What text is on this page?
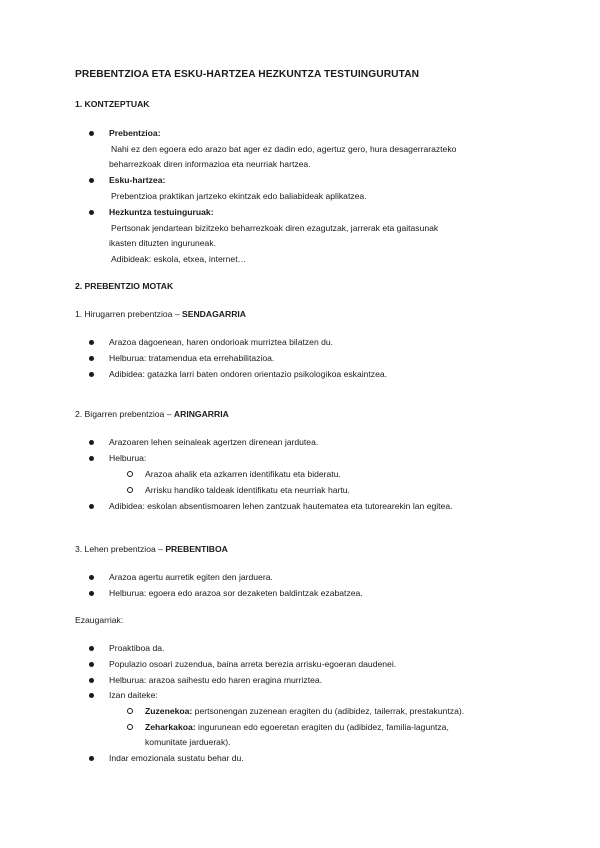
PREBENTZIOA ETA ESKU-HARTZEA HEZKUNTZA TESTUINGURUTAN
1. KONTZEPTUAK
Prebentzioa:
Nahi ez den egoera edo arazo bat ager ez dadin edo, agertuz gero, hura desagerrarazteko
beharrezkoak diren informazioa eta neurriak hartzea.
Esku-hartzea:
Prebentzioa praktikan jartzeko ekintzak edo baliabideak aplikatzea.
Hezkuntza testuinguruak:
Pertsonak jendartean bizitzeko beharrezkoak diren ezagutzak, jarrerak eta gaitasunak
ikasten dituzten inguruneak.
Adibideak: eskola, etxea, internet…
2. PREBENTZIO MOTAK
1. Hirugarren prebentzioa – SENDAGARRIA
Arazoa dagoenean, haren ondorioak murriztea bilatzen du.
Helburua: tratamendua eta errehabilitazioa.
Adibidea: gatazka larri baten ondoren orientazio psikologikoa eskaintzea.
2. Bigarren prebentzioa – ARINGARRIA
Arazoaren lehen seinaleak agertzen direnean jardutea.
Helburua:
Arazoa ahalik eta azkarren identifikatu eta bideratu.
Arrisku handiko taldeak identifikatu eta neurriak hartu.
Adibidea: eskolan absentismoaren lehen zantzuak hautematea eta tutorearekin lan egitea.
3. Lehen prebentzioa – PREBENTIBOA
Arazoa agertu aurretik egiten den jarduera.
Helburua: egoera edo arazoa sor dezaketen baldintzak ezabatzea.
Ezaugarriak:
Proaktiboa da.
Populazio osoari zuzendua, baina arreta berezia arrisku-egoeran daudenei.
Helburua: arazoa saihestu edo haren eragina murriztea.
Izan daiteke:
Zuzenekoa: pertsonengan zuzenean eragiten du (adibidez, tailerrak, prestakuntza).
Zeharkakoa: ingurunean edo egoeretan eragiten du (adibidez, familia-laguntza,
komunitate jarduerak).
Indar emozionala sustatu behar du.
